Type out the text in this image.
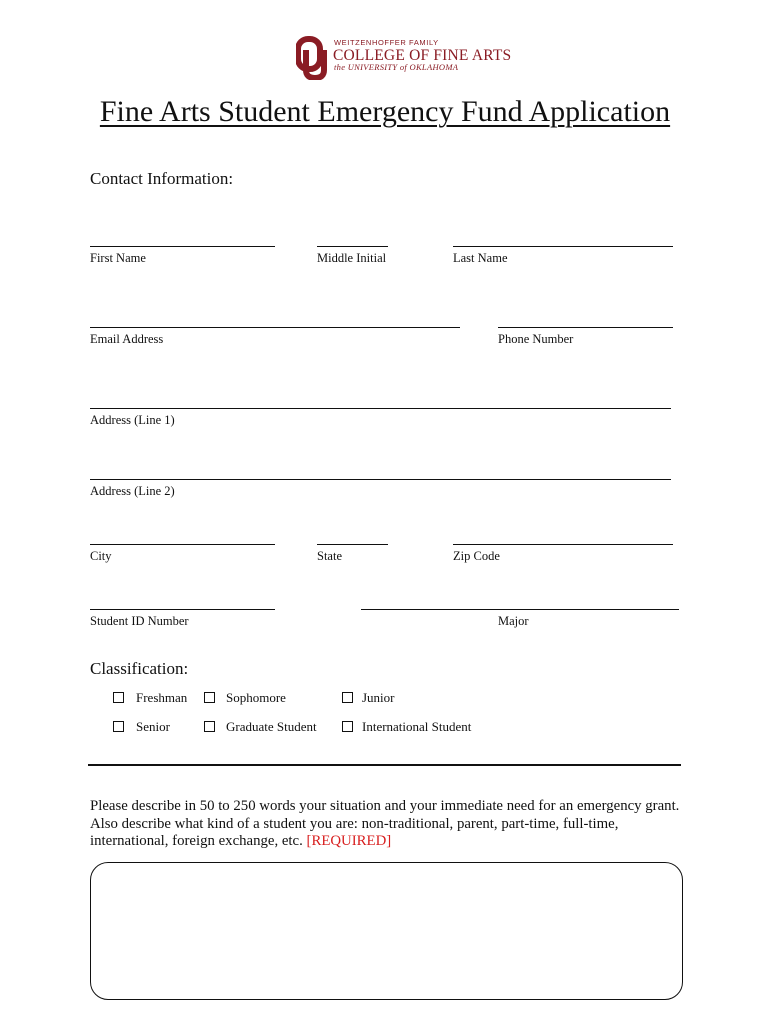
WEITZENHOFFER FAMILY
COLLEGE OF FINE ARTS
the UNIVERSITY of OKLAHOMA
Fine Arts Student Emergency Fund Application
Contact Information:
First Name	Middle Initial	Last Name
Email Address	Phone Number
Address (Line 1)
Address (Line 2)
City	State	Zip Code
Student ID Number	Major
Classification:
Freshman	Sophomore	Junior
Senior	Graduate Student	International Student
Please describe in 50 to 250 words your situation and your immediate need for an emergency grant. Also describe what kind of a student you are: non-traditional, parent, part-time, full-time, international, foreign exchange, etc. [REQUIRED]
